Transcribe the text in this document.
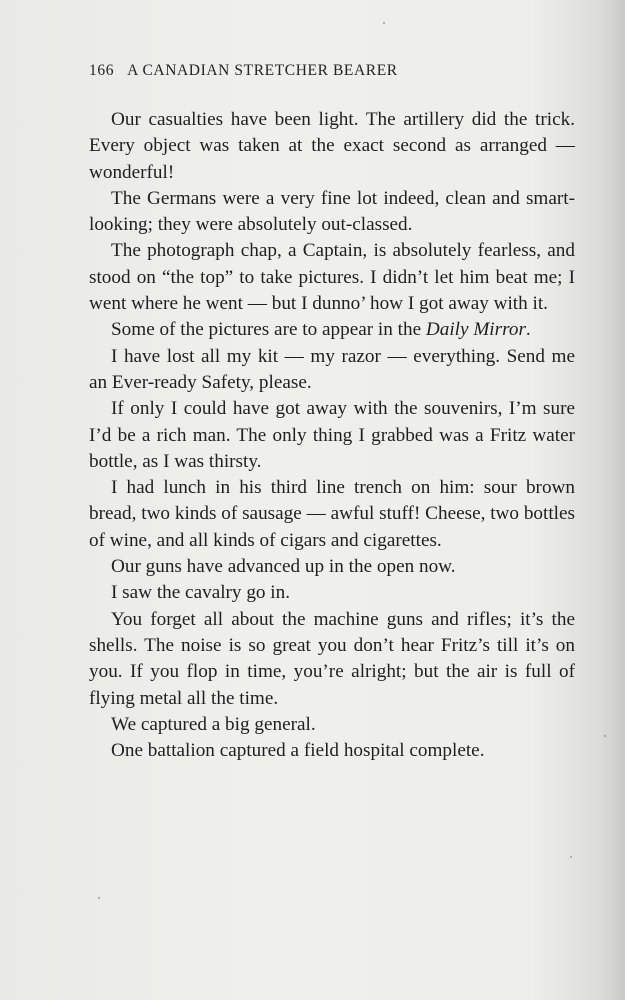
166 A CANADIAN STRETCHER BEARER

Our casualties have been light. The artillery did the trick. Every object was taken at the exact second as arranged — wonderful!

The Germans were a very fine lot indeed, clean and smart-looking; they were absolutely out-classed.

The photograph chap, a Captain, is absolutely fearless, and stood on “the top” to take pictures. I didn’t let him beat me; I went where he went — but I dunno’ how I got away with it.

Some of the pictures are to appear in the Daily Mirror.

I have lost all my kit — my razor — everything. Send me an Ever-ready Safety, please.

If only I could have got away with the souvenirs, I’m sure I’d be a rich man. The only thing I grabbed was a Fritz water bottle, as I was thirsty.

I had lunch in his third line trench on him: sour brown bread, two kinds of sausage — awful stuff! Cheese, two bottles of wine, and all kinds of cigars and cigarettes.

Our guns have advanced up in the open now.

I saw the cavalry go in.

You forget all about the machine guns and rifles; it’s the shells. The noise is so great you don’t hear Fritz’s till it’s on you. If you flop in time, you’re alright; but the air is full of flying metal all the time.

We captured a big general.

One battalion captured a field hospital complete.
